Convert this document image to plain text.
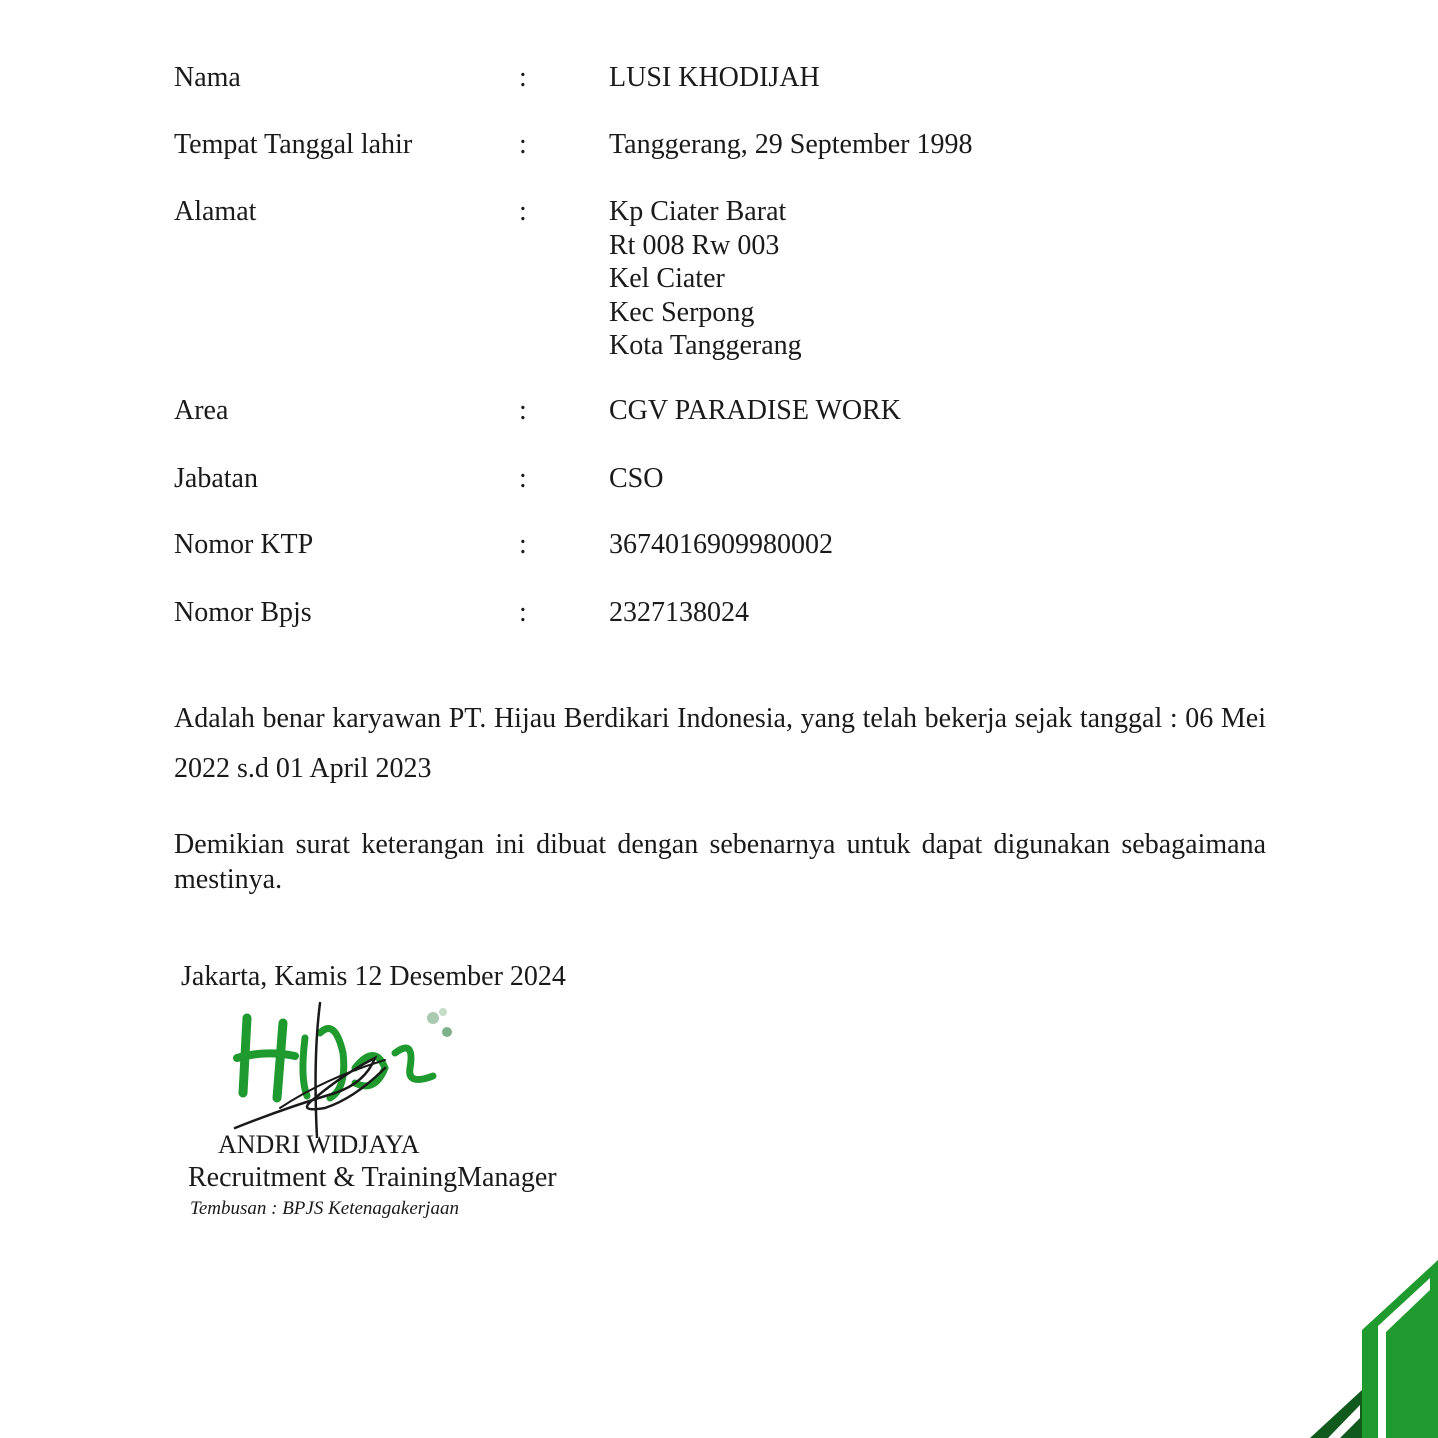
Nama	:	LUSI KHODIJAH
Tempat Tanggal lahir	:	Tanggerang, 29 September 1998
Alamat	:	Kp Ciater Barat
Rt 008 Rw 003
Kel Ciater
Kec Serpong
Kota Tanggerang
Area	:	CGV PARADISE WORK
Jabatan	:	CSO
Nomor KTP	:	3674016909980002
Nomor Bpjs	:	2327138024
Adalah benar karyawan PT. Hijau Berdikari Indonesia, yang telah bekerja sejak tanggal : 06 Mei 2022 s.d 01 April 2023
Demikian surat keterangan ini dibuat dengan sebenarnya untuk dapat digunakan sebagaimana mestinya.
Jakarta, Kamis 12 Desember 2024
ANDRI WIDJAYA
Recruitment & TrainingManager
Tembusan : BPJS Ketenagakerjaan
